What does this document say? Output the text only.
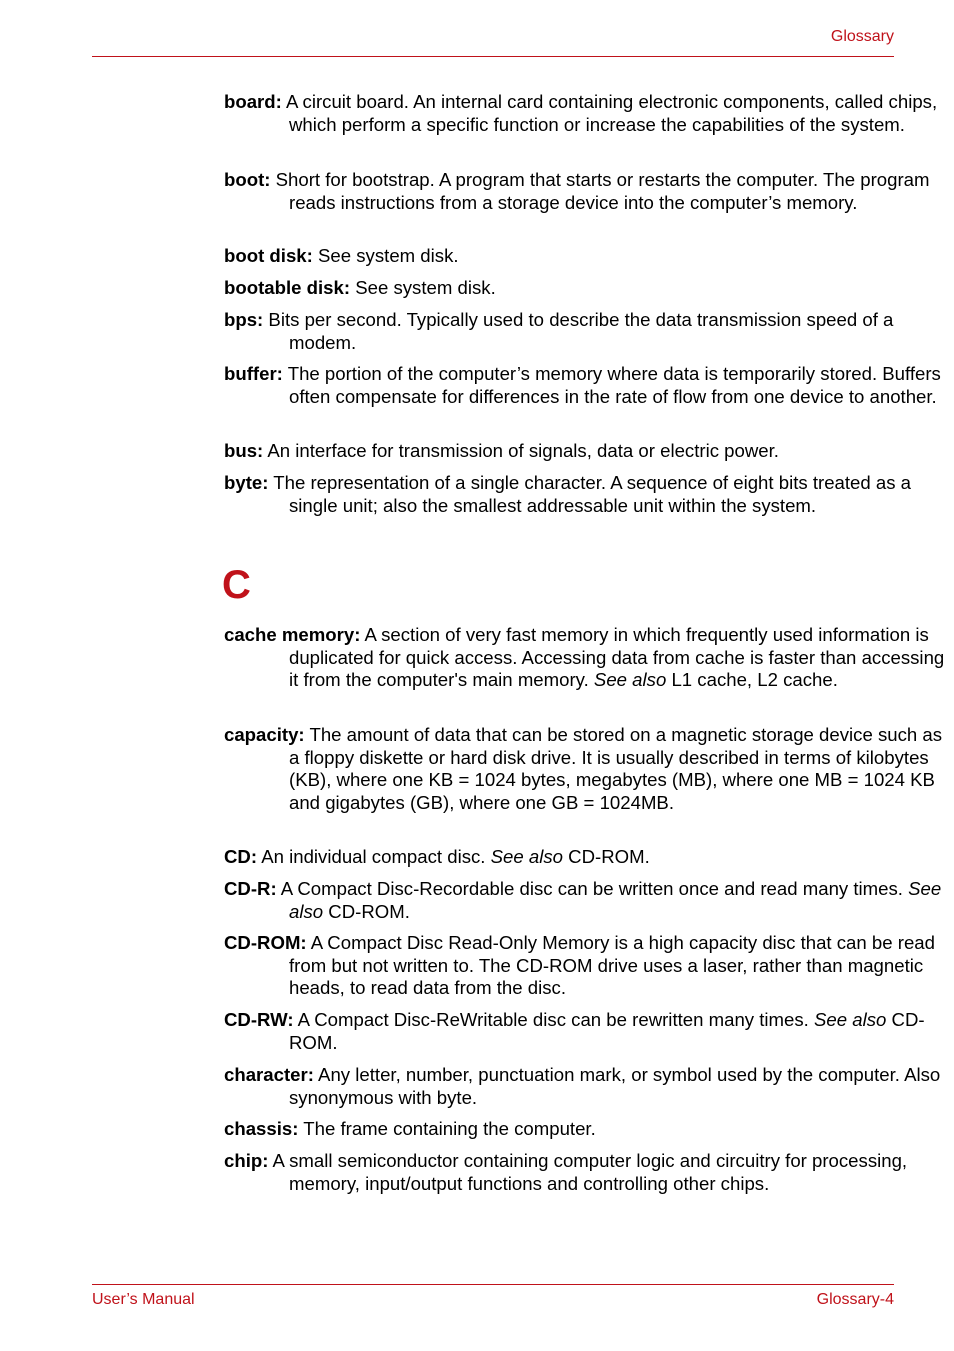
Glossary

board: A circuit board. An internal card containing electronic components, called chips, which perform a specific function or increase the capabilities of the system.

boot: Short for bootstrap. A program that starts or restarts the computer. The program reads instructions from a storage device into the computer’s memory.

boot disk: See system disk.

bootable disk: See system disk.

bps: Bits per second. Typically used to describe the data transmission speed of a modem.

buffer: The portion of the computer’s memory where data is temporarily stored. Buffers often compensate for differences in the rate of flow from one device to another.

bus: An interface for transmission of signals, data or electric power.

byte: The representation of a single character. A sequence of eight bits treated as a single unit; also the smallest addressable unit within the system.

C

cache memory: A section of very fast memory in which frequently used information is duplicated for quick access. Accessing data from cache is faster than accessing it from the computer's main memory. See also L1 cache, L2 cache.

capacity: The amount of data that can be stored on a magnetic storage device such as a floppy diskette or hard disk drive. It is usually described in terms of kilobytes (KB), where one KB = 1024 bytes, megabytes (MB), where one MB = 1024 KB and gigabytes (GB), where one GB = 1024MB.

CD: An individual compact disc. See also CD-ROM.

CD-R: A Compact Disc-Recordable disc can be written once and read many times. See also CD-ROM.

CD-ROM: A Compact Disc Read-Only Memory is a high capacity disc that can be read from but not written to. The CD-ROM drive uses a laser, rather than magnetic heads, to read data from the disc.

CD-RW: A Compact Disc-ReWritable disc can be rewritten many times. See also CD-ROM.

character: Any letter, number, punctuation mark, or symbol used by the computer. Also synonymous with byte.

chassis: The frame containing the computer.

chip: A small semiconductor containing computer logic and circuitry for processing, memory, input/output functions and controlling other chips.

User’s Manual	Glossary-4
